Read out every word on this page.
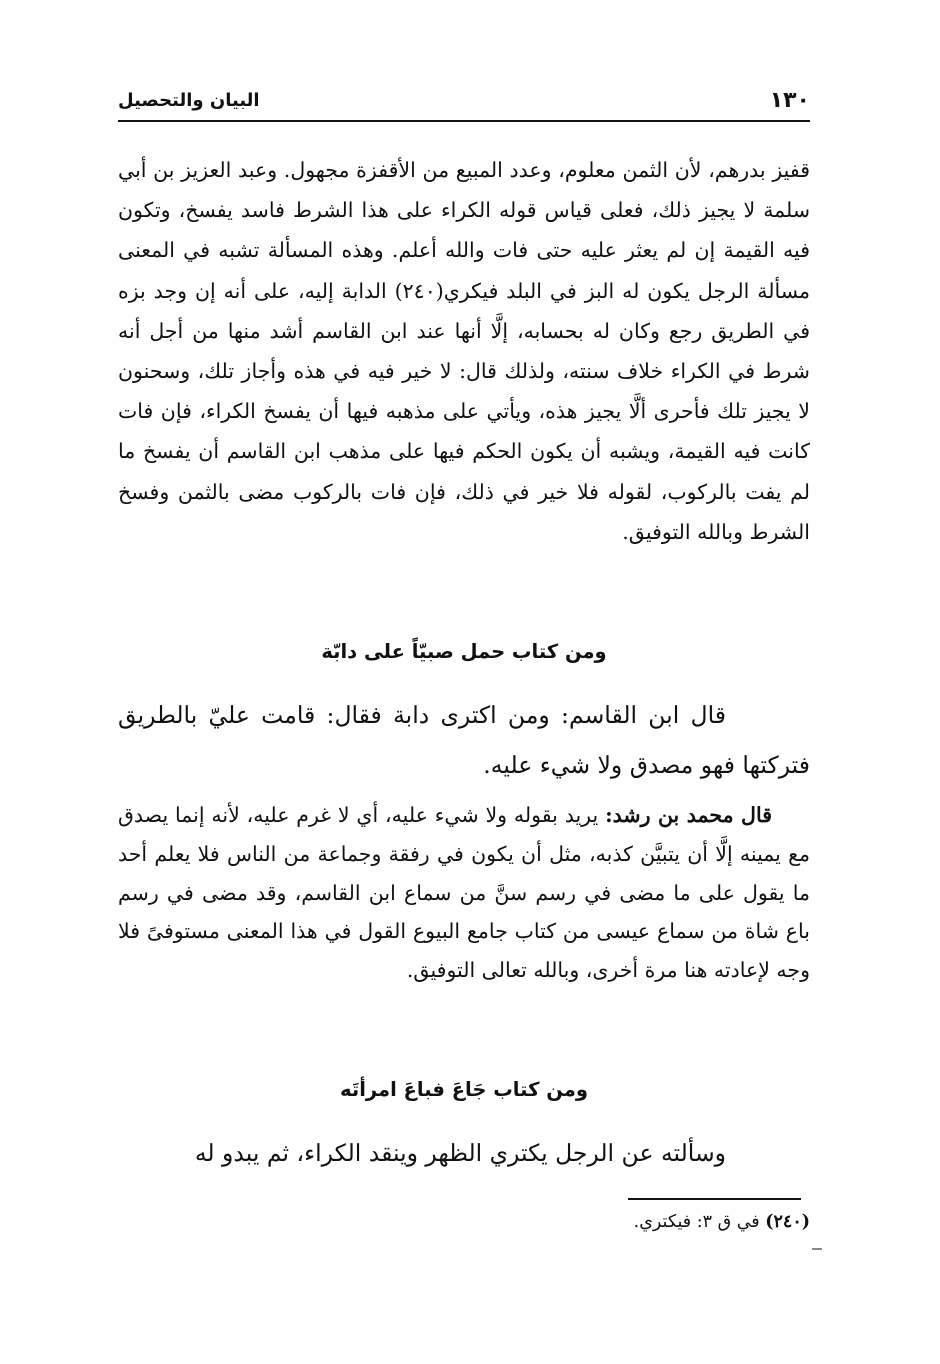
١٣٠
البيان والتحصيل

قفيز بدرهم، لأن الثمن معلوم، وعدد المبيع من الأقفزة مجهول. وعبد العزيز بن أبي سلمة لا يجيز ذلك، فعلى قياس قوله الكراء على هذا الشرط فاسد يفسخ، وتكون فيه القيمة إن لم يعثر عليه حتى فات والله أعلم. وهذه المسألة تشبه في المعنى مسألة الرجل يكون له البز في البلد فيكري(٢٤٠) الدابة إليه، على أنه إن وجد بزه في الطريق رجع وكان له بحسابه، إلَّا أنها عند ابن القاسم أشد منها من أجل أنه شرط في الكراء خلاف سنته، ولذلك قال: لا خير فيه في هذه وأجاز تلك، وسحنون لا يجيز تلك فأحرى ألَّا يجيز هذه، ويأتي على مذهبه فيها أن يفسخ الكراء، فإن فات كانت فيه القيمة، ويشبه أن يكون الحكم فيها على مذهب ابن القاسم أن يفسخ ما لم يفت بالركوب، لقوله فلا خير في ذلك، فإن فات بالركوب مضى بالثمن وفسخ الشرط وبالله التوفيق.

ومن كتاب حمل صبيّاً على دابّة

قال ابن القاسم: ومن اكترى دابة فقال: قامت عليّ بالطريق فتركتها فهو مصدق ولا شيء عليه.

قال محمد بن رشد: يريد بقوله ولا شيء عليه، أي لا غرم عليه، لأنه إنما يصدق مع يمينه إلَّا أن يتبيَّن كذبه، مثل أن يكون في رفقة وجماعة من الناس فلا يعلم أحد ما يقول على ما مضى في رسم سنَّ من سماع ابن القاسم، وقد مضى في رسم باع شاة من سماع عيسى من كتاب جامع البيوع القول في هذا المعنى مستوفىً فلا وجه لإعادته هنا مرة أخرى، وبالله تعالى التوفيق.

ومن كتاب جَاعَ فباعَ امرأتَه

وسألته عن الرجل يكتري الظهر وينقد الكراء، ثم يبدو له

(٢٤٠) في ق ٣: فيكتري.
